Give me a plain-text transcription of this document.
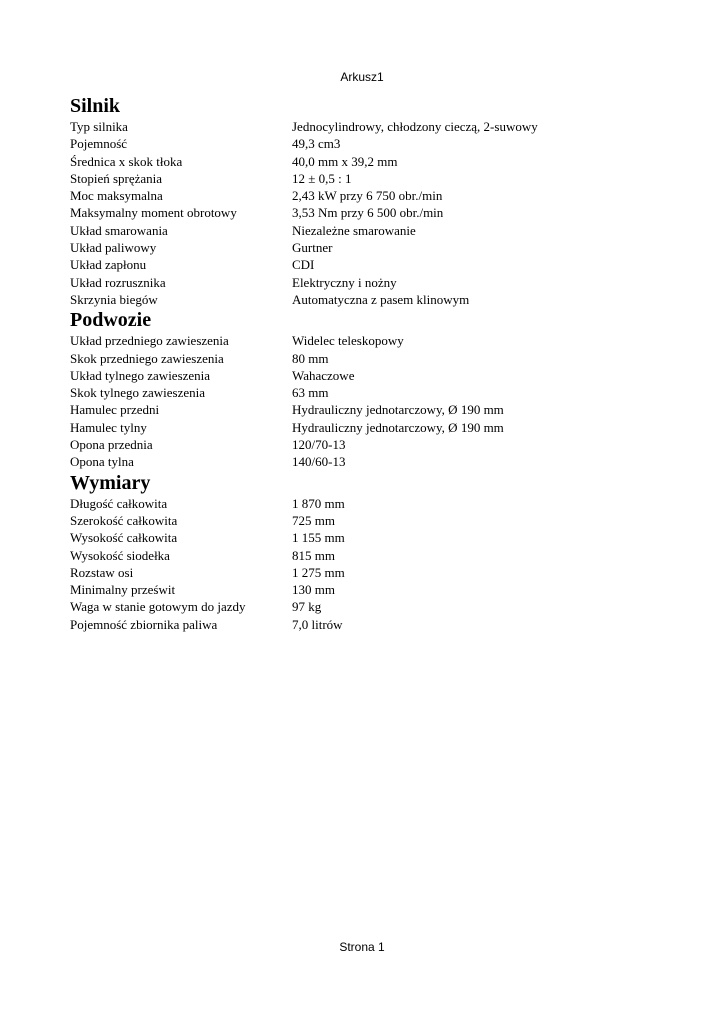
Arkusz1
Silnik
Typ silnika	Jednocylindrowy, chłodzony cieczą, 2-suwowy
Pojemność	49,3 cm3
Średnica x skok tłoka	40,0 mm x 39,2 mm
Stopień sprężania	12 ± 0,5 : 1
Moc maksymalna	2,43 kW przy 6 750 obr./min
Maksymalny moment obrotowy	3,53 Nm przy 6 500 obr./min
Układ smarowania	Niezależne smarowanie
Układ paliwowy	Gurtner
Układ zapłonu	CDI
Układ rozrusznika	Elektryczny i nożny
Skrzynia biegów	Automatyczna z pasem klinowym
Podwozie
Układ przedniego zawieszenia	Widelec teleskopowy
Skok przedniego zawieszenia	80 mm
Układ tylnego zawieszenia	Wahaczowe
Skok tylnego zawieszenia	63 mm
Hamulec przedni	Hydrauliczny jednotarczowy, Ø 190 mm
Hamulec tylny	Hydrauliczny jednotarczowy, Ø 190 mm
Opona przednia	120/70-13
Opona tylna	140/60-13
Wymiary
Długość całkowita	1 870 mm
Szerokość całkowita	725 mm
Wysokość całkowita	1 155 mm
Wysokość siodełka	815 mm
Rozstaw osi	1 275 mm
Minimalny prześwit	130 mm
Waga w stanie gotowym do jazdy	97 kg
Pojemność zbiornika paliwa	7,0 litrów
Strona 1
